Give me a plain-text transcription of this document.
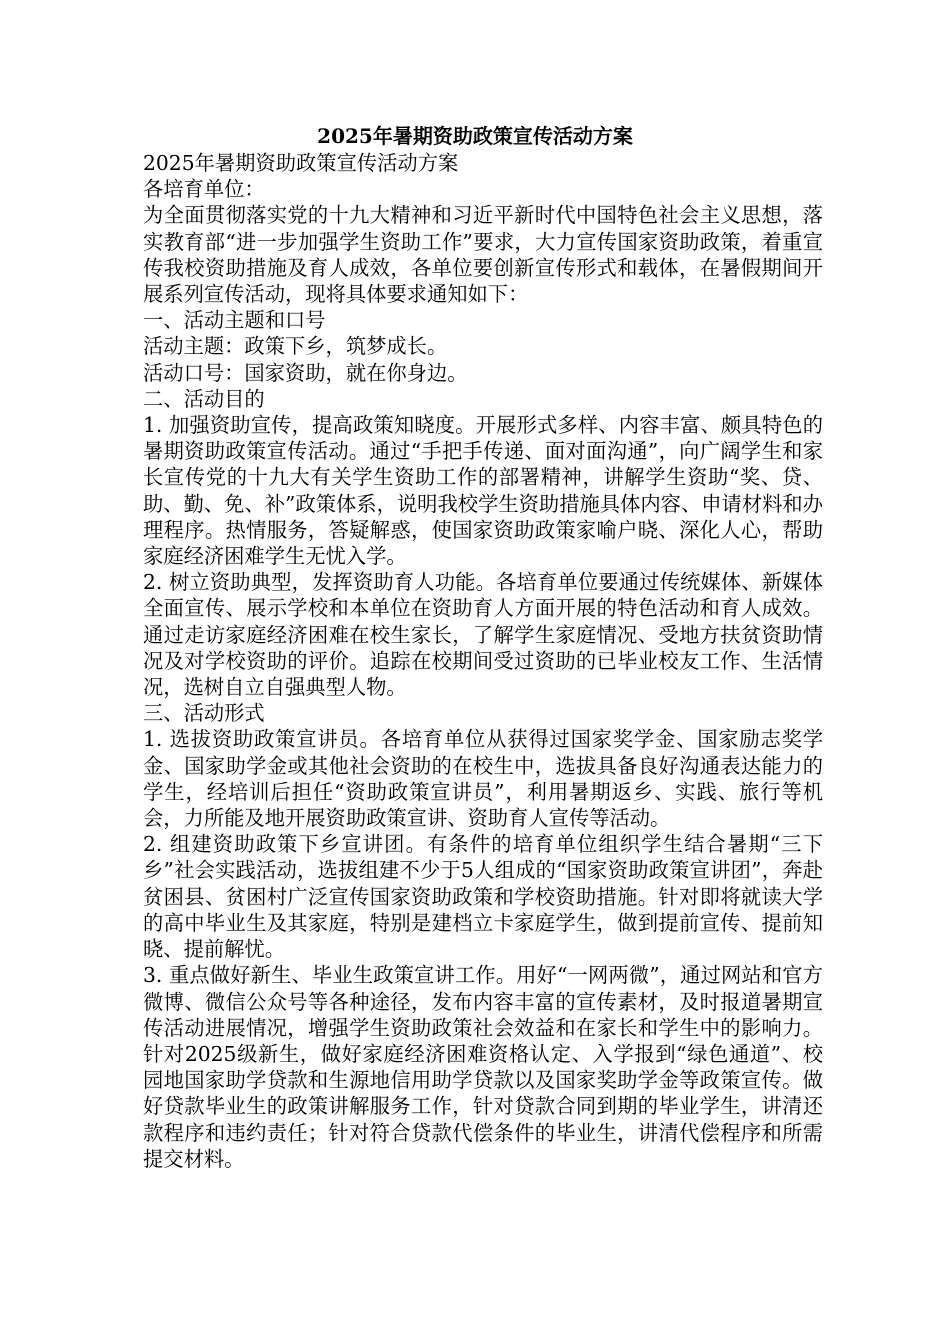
2025年暑期资助政策宣传活动方案

2025年暑期资助政策宣传活动方案

各培育单位：

为全面贯彻落实党的十九大精神和习近平新时代中国特色社会主义思想，落实教育部“进一步加强学生资助工作”要求，大力宣传国家资助政策，着重宣传我校资助措施及育人成效，各单位要创新宣传形式和载体，在暑假期间开展系列宣传活动，现将具体要求通知如下：

一、活动主题和口号

活动主题：政策下乡，筑梦成长。

活动口号：国家资助，就在你身边。

二、活动目的

1. 加强资助宣传，提高政策知晓度。开展形式多样、内容丰富、颇具特色的暑期资助政策宣传活动。通过“手把手传递、面对面沟通”，向广阔学生和家长宣传党的十九大有关学生资助工作的部署精神，讲解学生资助“奖、贷、助、勤、免、补”政策体系，说明我校学生资助措施具体内容、申请材料和办理程序。热情服务，答疑解惑，使国家资助政策家喻户晓、深化人心，帮助家庭经济困难学生无忧入学。

2. 树立资助典型，发挥资助育人功能。各培育单位要通过传统媒体、新媒体全面宣传、展示学校和本单位在资助育人方面开展的特色活动和育人成效。通过走访家庭经济困难在校生家长，了解学生家庭情况、受地方扶贫资助情况及对学校资助的评价。追踪在校期间受过资助的已毕业校友工作、生活情况，选树自立自强典型人物。

三、活动形式

1. 选拔资助政策宣讲员。各培育单位从获得过国家奖学金、国家励志奖学金、国家助学金或其他社会资助的在校生中，选拔具备良好沟通表达能力的学生，经培训后担任“资助政策宣讲员”，利用暑期返乡、实践、旅行等机会，力所能及地开展资助政策宣讲、资助育人宣传等活动。

2. 组建资助政策下乡宣讲团。有条件的培育单位组织学生结合暑期“三下乡”社会实践活动，选拔组建不少于5人组成的“国家资助政策宣讲团”，奔赴贫困县、贫困村广泛宣传国家资助政策和学校资助措施。针对即将就读大学的高中毕业生及其家庭，特别是建档立卡家庭学生，做到提前宣传、提前知晓、提前解忧。

3. 重点做好新生、毕业生政策宣讲工作。用好“一网两微”，通过网站和官方微博、微信公众号等各种途径，发布内容丰富的宣传素材，及时报道暑期宣传活动进展情况，增强学生资助政策社会效益和在家长和学生中的影响力。针对2025级新生，做好家庭经济困难资格认定、入学报到“绿色通道”、校园地国家助学贷款和生源地信用助学贷款以及国家奖助学金等政策宣传。做好贷款毕业生的政策讲解服务工作，针对贷款合同到期的毕业学生，讲清还款程序和违约责任；针对符合贷款代偿条件的毕业生，讲清代偿程序和所需提交材料。
